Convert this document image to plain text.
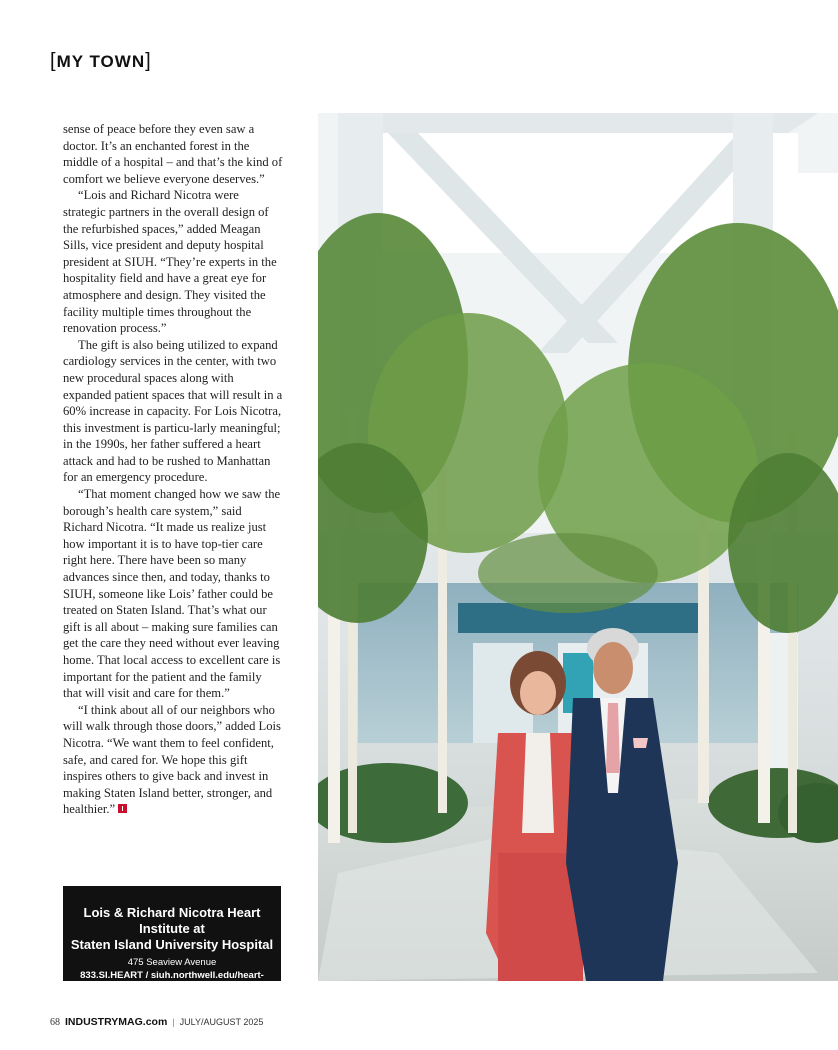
[MY TOWN]

sense of peace before they even saw a doctor. It’s an enchanted forest in the middle of a hospital – and that’s the kind of comfort we believe everyone deserves.”

“Lois and Richard Nicotra were strategic partners in the overall design of the refurbished spaces,” added Meagan Sills, vice president and deputy hospital president at SIUH. “They’re experts in the hospitality field and have a great eye for atmosphere and design. They visited the facility multiple times throughout the renovation process.”

The gift is also being utilized to expand cardiology services in the center, with two new procedural spaces along with expanded patient spaces that will result in a 60% increase in capacity. For Lois Nicotra, this investment is particu-larly meaningful; in the 1990s, her father suffered a heart attack and had to be rushed to Manhattan for an emergency procedure.

“That moment changed how we saw the borough’s health care system,” said Richard Nicotra. “It made us realize just how important it is to have top-tier care right here. There have been so many advances since then, and today, thanks to SIUH, someone like Lois’ father could be treated on Staten Island. That’s what our gift is all about – making sure families can get the care they need without ever leaving home. That local access to excellent care is important for the patient and the family that will visit and care for them.”

“I think about all of our neighbors who will walk through those doors,” added Lois Nicotra. “We want them to feel confident, safe, and cared for. We hope this gift inspires others to give back and invest in making Staten Island better, stronger, and healthier.”

Lois & Richard Nicotra Heart Institute at
Staten Island University Hospital
475 Seaview Avenue
833.SI.HEART / siuh.northwell.edu/heart-institute
68 INDUSTRYMAG.com | JULY/AUGUST 2025
